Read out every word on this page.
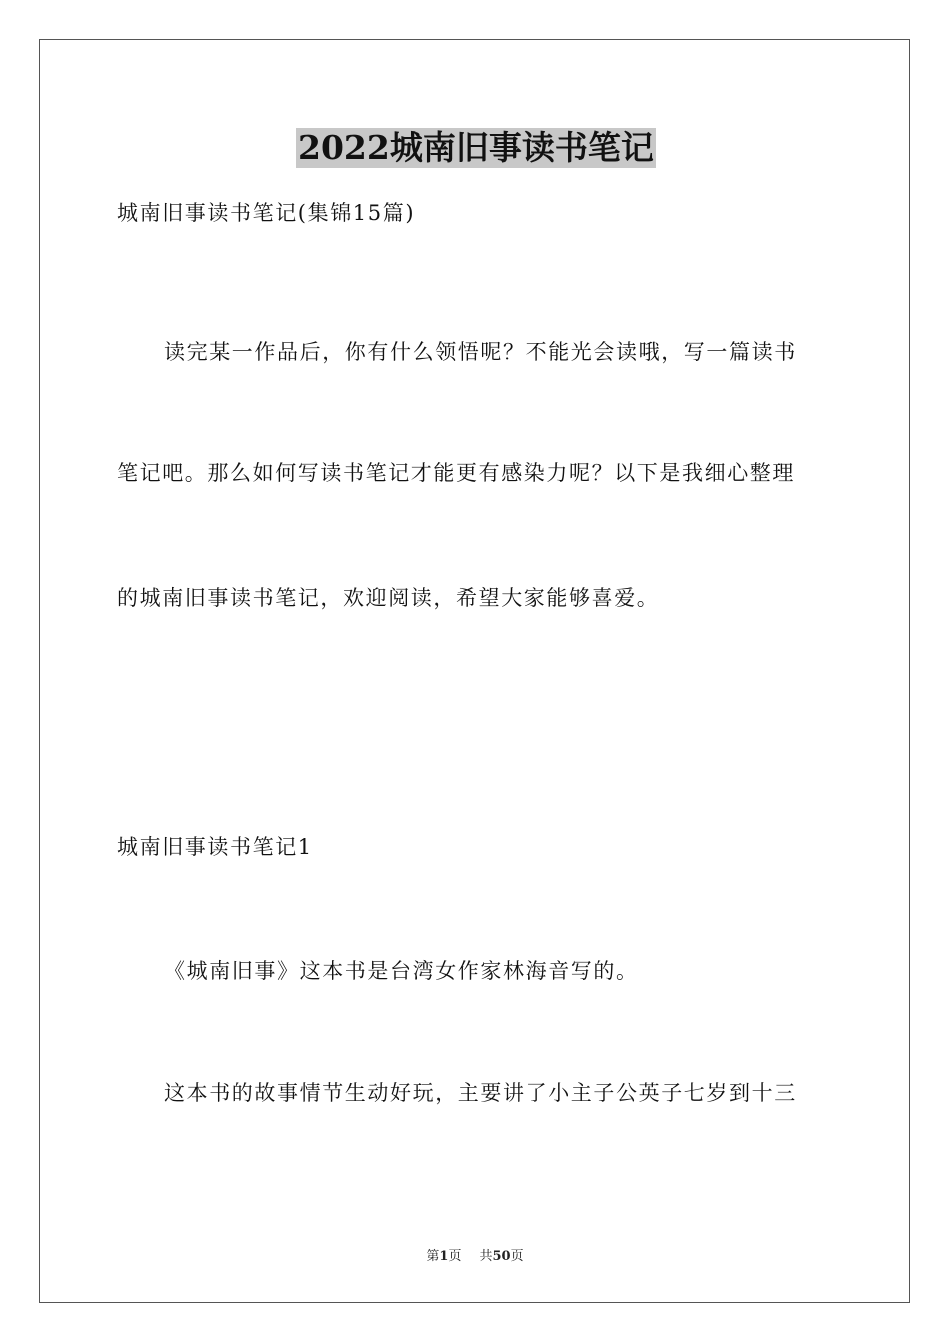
2022城南旧事读书笔记
城南旧事读书笔记(集锦15篇)
读完某一作品后，你有什么领悟呢？不能光会读哦，写一篇读书
笔记吧。那么如何写读书笔记才能更有感染力呢？以下是我细心整理
的城南旧事读书笔记，欢迎阅读，希望大家能够喜爱。
城南旧事读书笔记1
《城南旧事》这本书是台湾女作家林海音写的。
这本书的故事情节生动好玩，主要讲了小主子公英子七岁到十三
第1页 共50页
